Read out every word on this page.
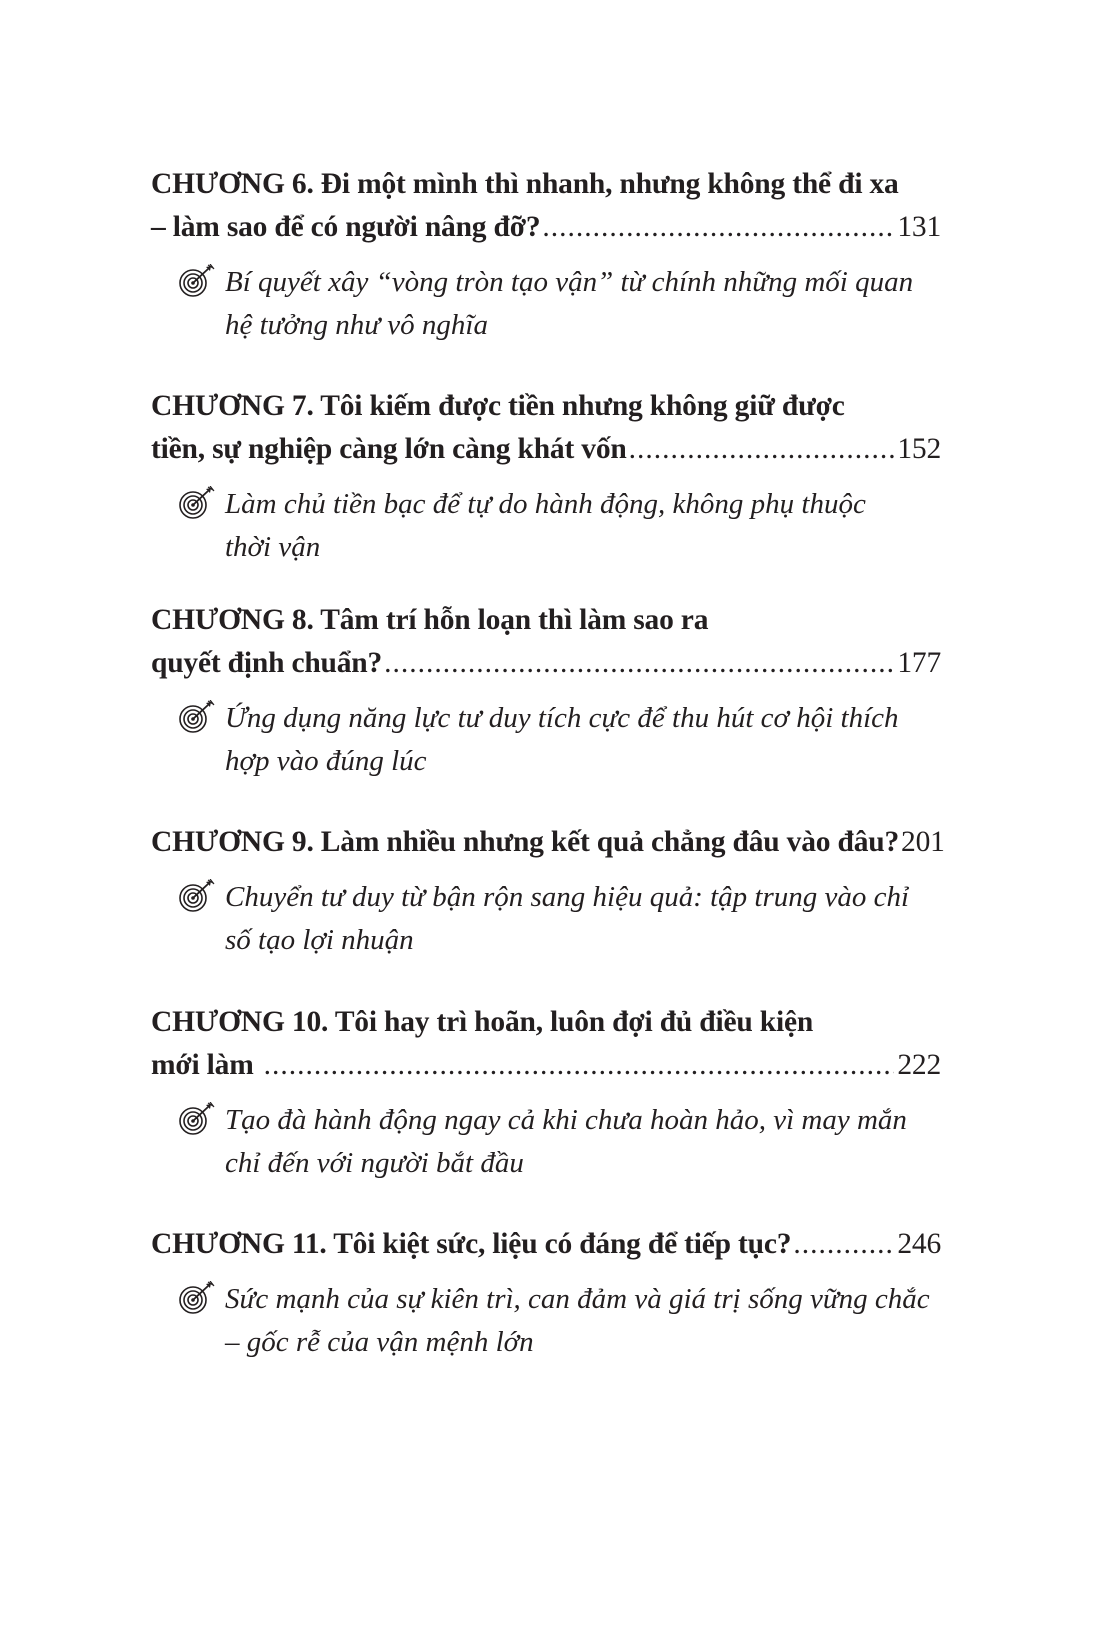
CHƯƠNG 6. Đi một mình thì nhanh, nhưng không thể đi xa
– làm sao để có người nâng đỡ? .....	131
Bí quyết xây “vòng tròn tạo vận” từ chính những mối quan
hệ tưởng như vô nghĩa
CHƯƠNG 7. Tôi kiếm được tiền nhưng không giữ được
tiền, sự nghiệp càng lớn càng khát vốn .....	152
Làm chủ tiền bạc để tự do hành động, không phụ thuộc
thời vận
CHƯƠNG 8. Tâm trí hỗn loạn thì làm sao ra
quyết định chuẩn? .....	177
Ứng dụng năng lực tư duy tích cực để thu hút cơ hội thích
hợp vào đúng lúc
CHƯƠNG 9. Làm nhiều nhưng kết quả chẳng đâu vào đâu? 201
Chuyển tư duy từ bận rộn sang hiệu quả: tập trung vào chỉ
số tạo lợi nhuận
CHƯƠNG 10. Tôi hay trì hoãn, luôn đợi đủ điều kiện
mới làm .....	222
Tạo đà hành động ngay cả khi chưa hoàn hảo, vì may mắn
chỉ đến với người bắt đầu
CHƯƠNG 11. Tôi kiệt sức, liệu có đáng để tiếp tục? .....	246
Sức mạnh của sự kiên trì, can đảm và giá trị sống vững chắc
– gốc rễ của vận mệnh lớn
